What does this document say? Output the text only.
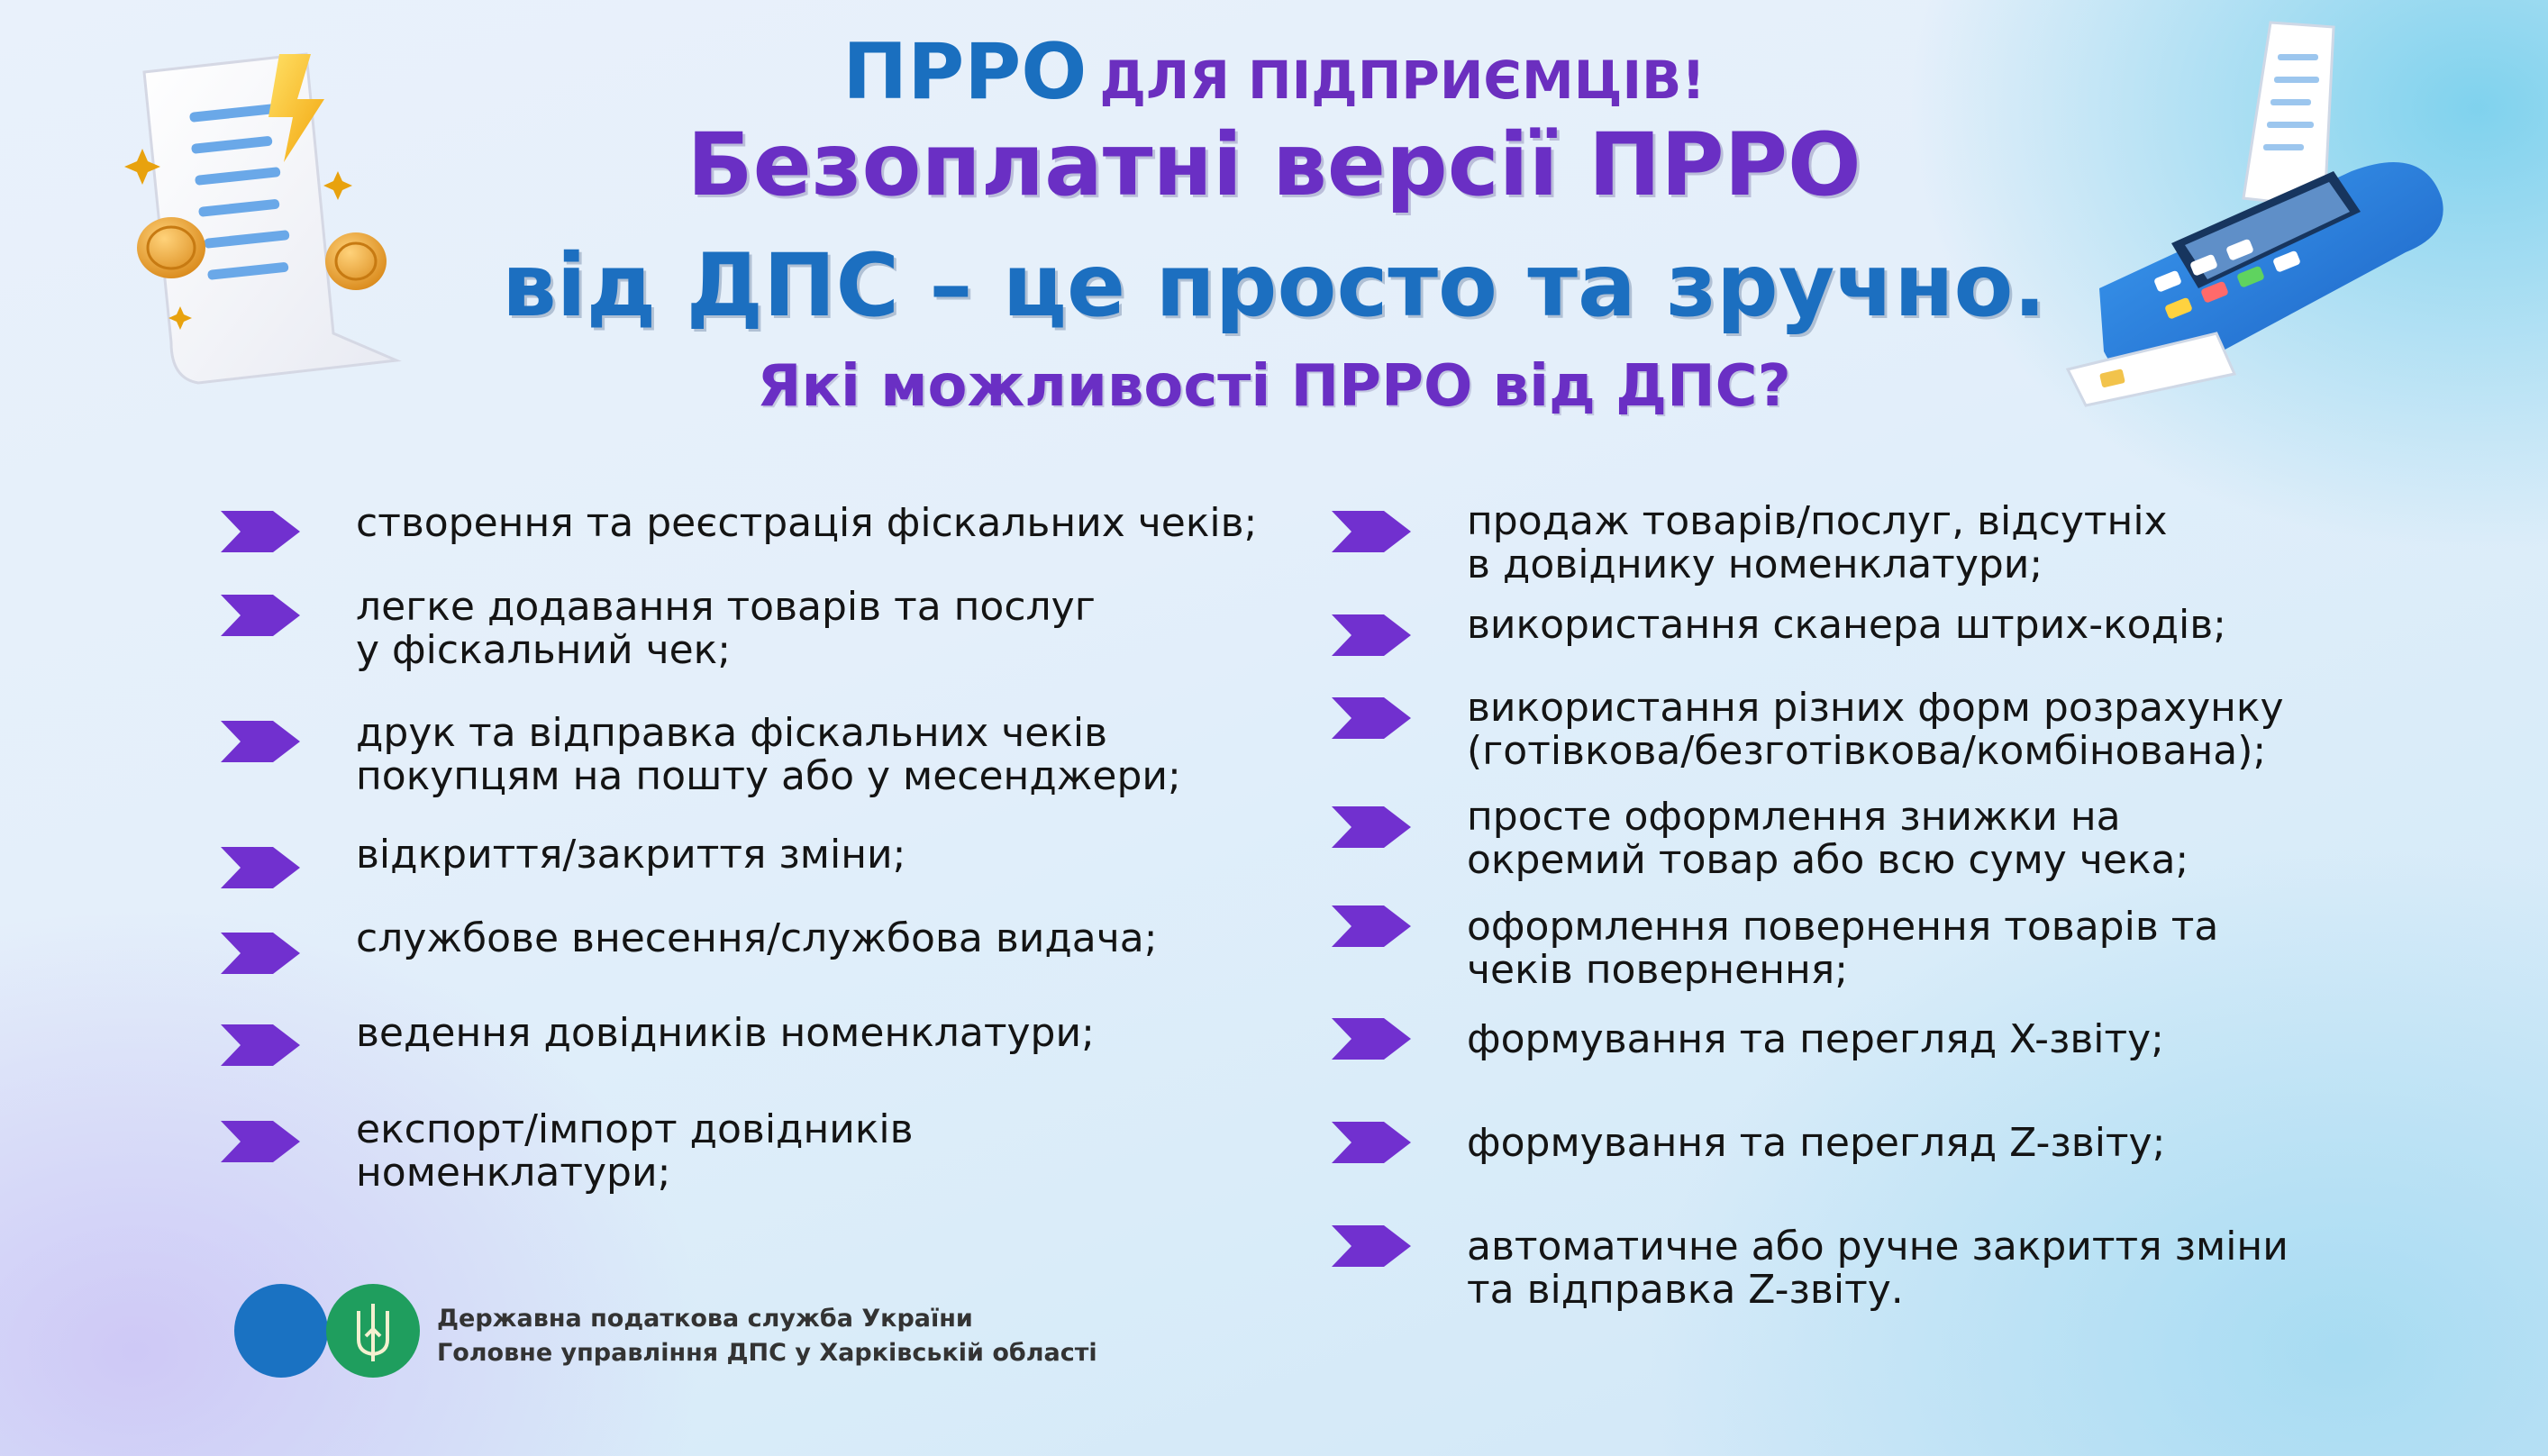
ПРРО ДЛЯ ПІДПРИЄМЦІВ!
Безоплатні версії ПРРО
від ДПС – це просто та зручно.
Які можливості ПРРО від ДПС?
створення та реєстрація фіскальних чеків;
легке додавання товарів та послуг
у фіскальний чек;
друк та відправка фіскальних чеків
покупцям на пошту або у месенджери;
відкриття/закриття зміни;
службове внесення/службова видача;
ведення довідників номенклатури;
експорт/імпорт довідників
номенклатури;
продаж товарів/послуг, відсутніх
в довіднику номенклатури;
використання сканера штрих-кодів;
використання різних форм розрахунку
(готівкова/безготівкова/комбінована);
просте оформлення знижки на
окремий товар або всю суму чека;
оформлення повернення товарів та
чеків повернення;
формування та перегляд X-звіту;
формування та перегляд Z-звіту;
автоматичне або ручне закриття зміни
та відправка Z-звіту.
Державна податкова служба України
Головне управління ДПС у Харківській області
